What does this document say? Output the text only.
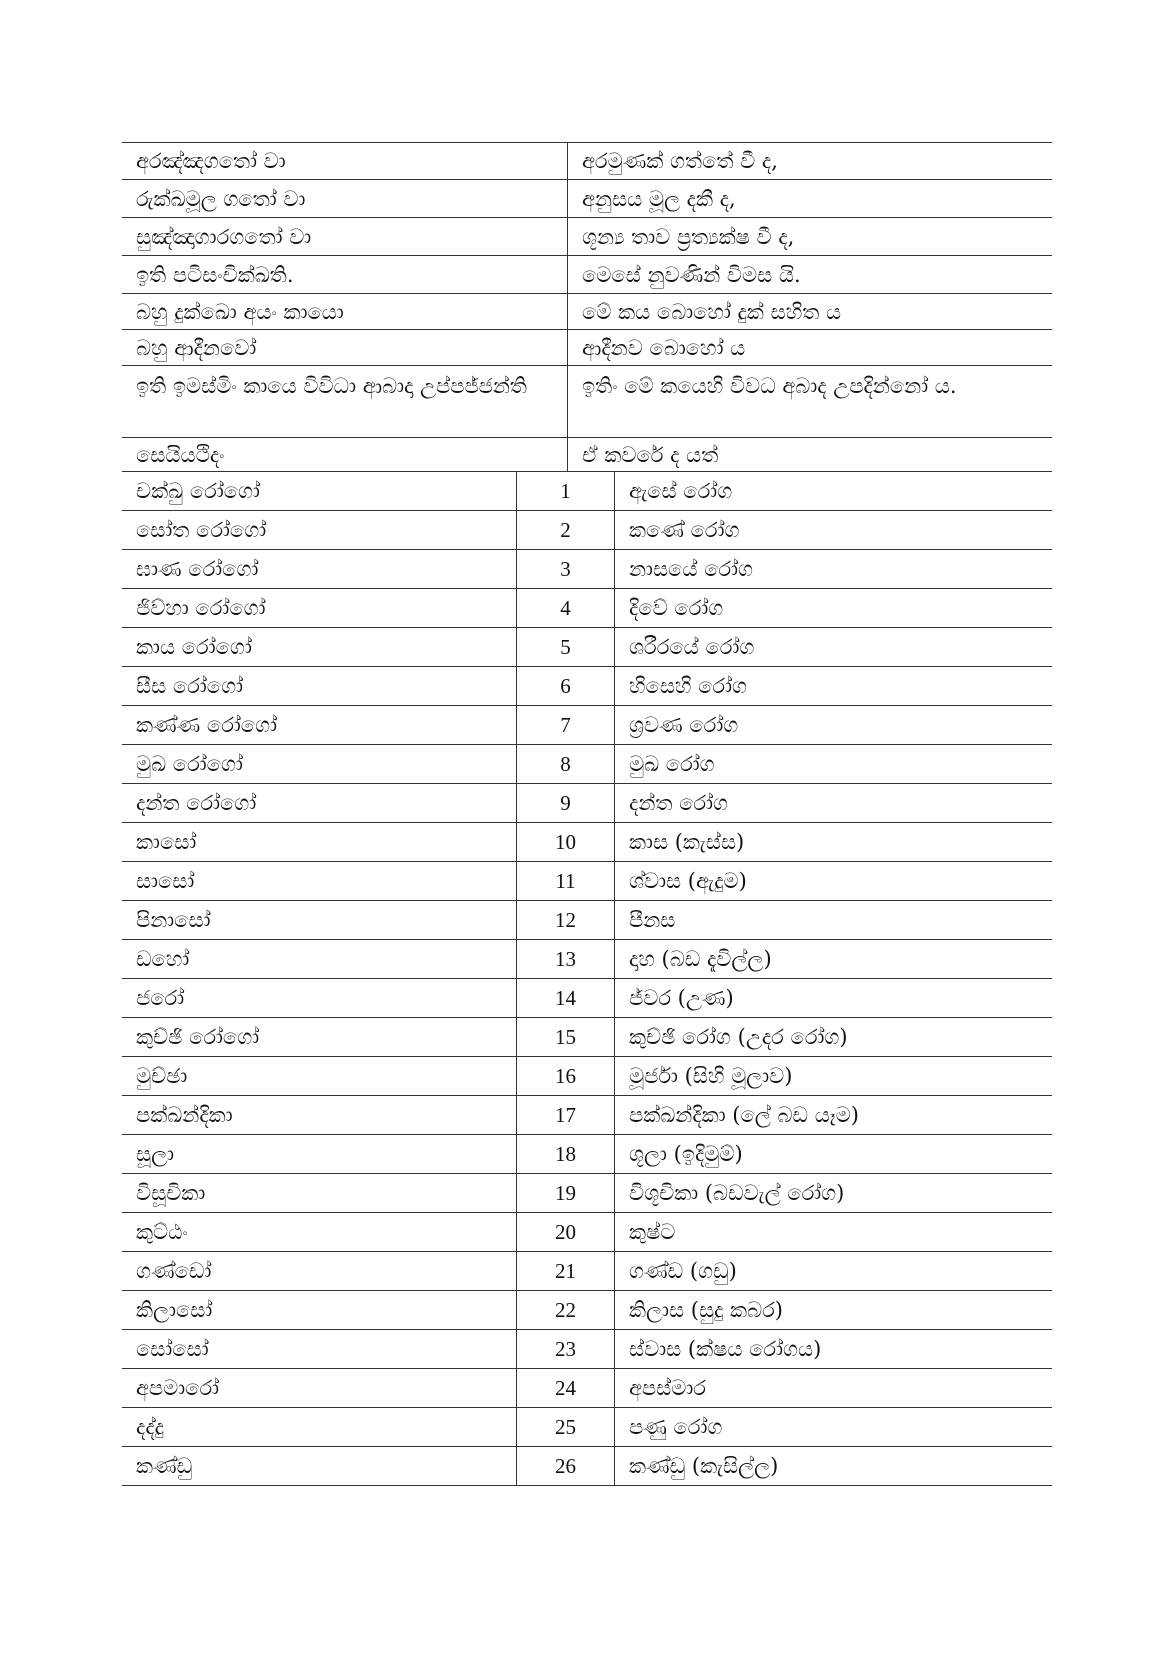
අරඤ්ඤගතෝ වා	අරමුණක් ගත්තේ වී ද,
රුක්ඛමූල ගතෝ වා	අනුසය මූල දකී ද,
සුඤ්ඤාගාරගතෝ වා	ශූන්‍ය තාව ප්‍රත්‍යක්ෂ වී ද,
ඉති පටිසංචික්ඛති.	මෙසේ නුවණින් විමස යි.
බහු දුක්ඛො අයං කායො	මේ කය බොහෝ දුක් සහිත ය
බහු ආදීනවෝ	ආදීනව බොහෝ ය
ඉති ඉමස්මිං කායෙ විවිධා ආබාදා උප්පජ්ජන්ති	ඉතිං මේ කයෙහි විවධ අබාද උපදින්නෝ ය.
සෙයියථිදං	ඒ කවරේ ද යත්
චක්ඛු රෝගෝ	1	ඇසේ රෝග
සෝත රෝගෝ	2	කණේ රෝග
ඝාණ රෝගෝ	3	නාසයේ රෝග
ජිව්හා රෝගෝ	4	දිවේ රෝග
කාය රෝගෝ	5	ශරීරයේ රෝග
සීස රෝගෝ	6	හිසෙහි රෝග
කණ්ණ රෝගෝ	7	ශ්‍රවණ රෝග
මුඛ රෝගෝ	8	මුඛ රෝග
දන්ත රෝගෝ	9	දන්ත රෝග
කාසෝ	10	කාස (කැස්ස)
සාසෝ	11	ශ්වාස (ඇදුම)
පිනාසෝ	12	පීනස
ඩහෝ	13	දාහ (බඩ දැවිල්ල)
ජරෝ	14	ජ්වර (උණ)
කුච්ඡි රෝගෝ	15	කුච්ඡි රෝග (උදර රෝග)
මුච්ඡා	16	මූර්ජා (සිහි මූලාව)
පක්ඛන්දිකා	17	පක්ඛන්දිකා (ලේ බඩ යෑම)
සූලා	18	ශූලා (ඉදිමුම්)
විසූචිකා	19	විශූචිකා (බඩවැල් රෝග)
කුට්ඨං	20	කුෂ්ට
ගණ්ඩෝ	21	ගණ්ඩ (ගඩු)
කිලාසෝ	22	කිලාස (සුදු කබර)
සෝසෝ	23	ස්වාස (ක්ෂය රෝගය)
අපමාරෝ	24	අපස්මාර
දද්දු	25	පණු රෝග
කණ්ඩු	26	කණ්ඩු (කැසිල්ල)
